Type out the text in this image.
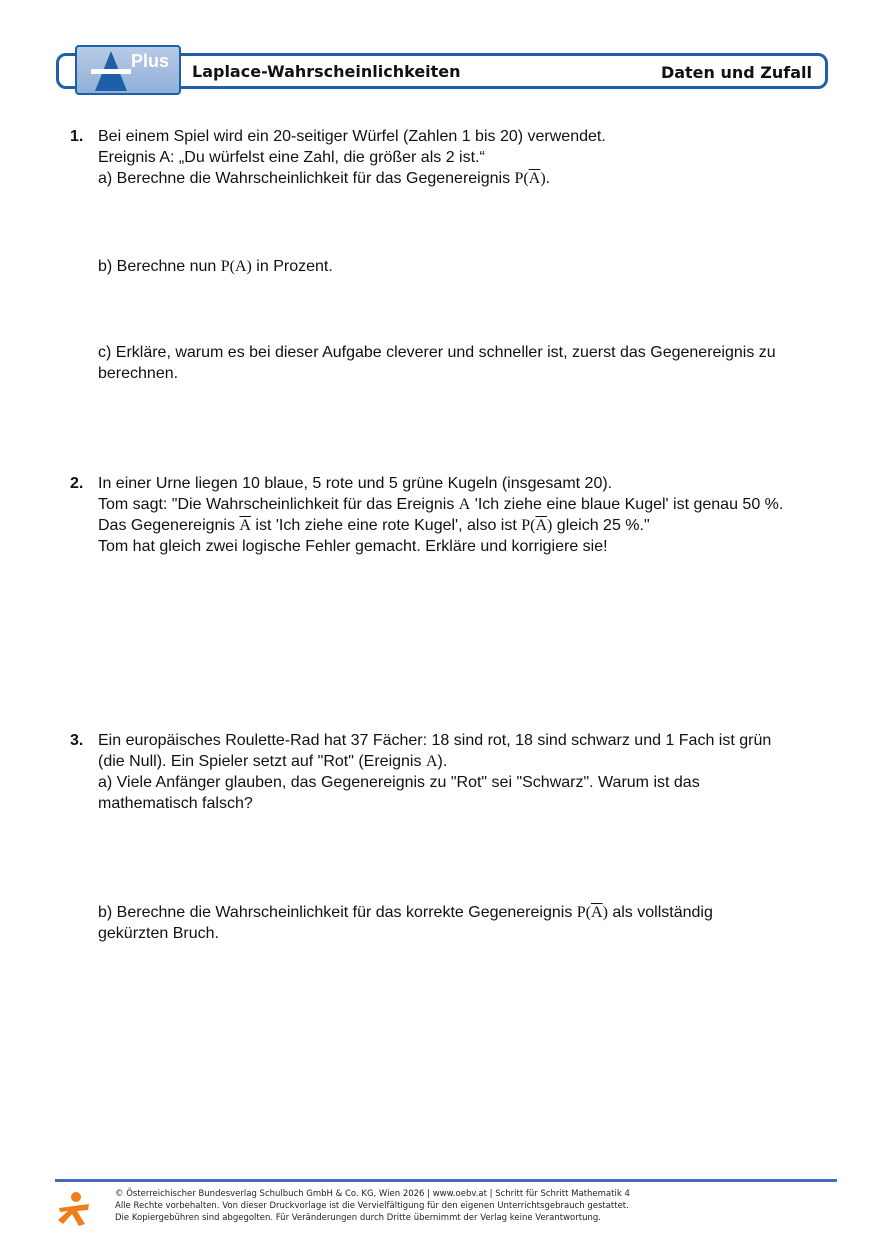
Plus
Laplace-Wahrscheinlichkeiten	Daten und Zufall
1. Bei einem Spiel wird ein 20-seitiger Würfel (Zahlen 1 bis 20) verwendet.
Ereignis A: „Du würfelst eine Zahl, die größer als 2 ist.“
a) Berechne die Wahrscheinlichkeit für das Gegenereignis $P(\overline{A})$.
b) Berechne nun P(A) in Prozent.
c) Erkläre, warum es bei dieser Aufgabe cleverer und schneller ist, zuerst das Gegenereignis zu
berechnen.
2. In einer Urne liegen 10 blaue, 5 rote und 5 grüne Kugeln (insgesamt 20).
Tom sagt: "Die Wahrscheinlichkeit für das Ereignis A 'Ich ziehe eine blaue Kugel' ist genau 50 %.
Das Gegenereignis $\overline{A}$ ist 'Ich ziehe eine rote Kugel', also ist $P(\overline{A})$ gleich 25 %."
Tom hat gleich zwei logische Fehler gemacht. Erkläre und korrigiere sie!
3. Ein europäisches Roulette-Rad hat 37 Fächer: 18 sind rot, 18 sind schwarz und 1 Fach ist grün
(die Null). Ein Spieler setzt auf "Rot" (Ereignis A).
a) Viele Anfänger glauben, das Gegenereignis zu "Rot" sei "Schwarz". Warum ist das
mathematisch falsch?
b) Berechne die Wahrscheinlichkeit für das korrekte Gegenereignis $P(\overline{A})$ als vollständig
gekürzten Bruch.
© Österreichischer Bundesverlag Schulbuch GmbH & Co. KG, Wien 2026 | www.oebv.at | Schritt für Schritt Mathematik 4
Alle Rechte vorbehalten. Von dieser Druckvorlage ist die Vervielfältigung für den eigenen Unterrichtsgebrauch gestattet.
Die Kopiergebühren sind abgegolten. Für Veränderungen durch Dritte übernimmt der Verlag keine Verantwortung.
